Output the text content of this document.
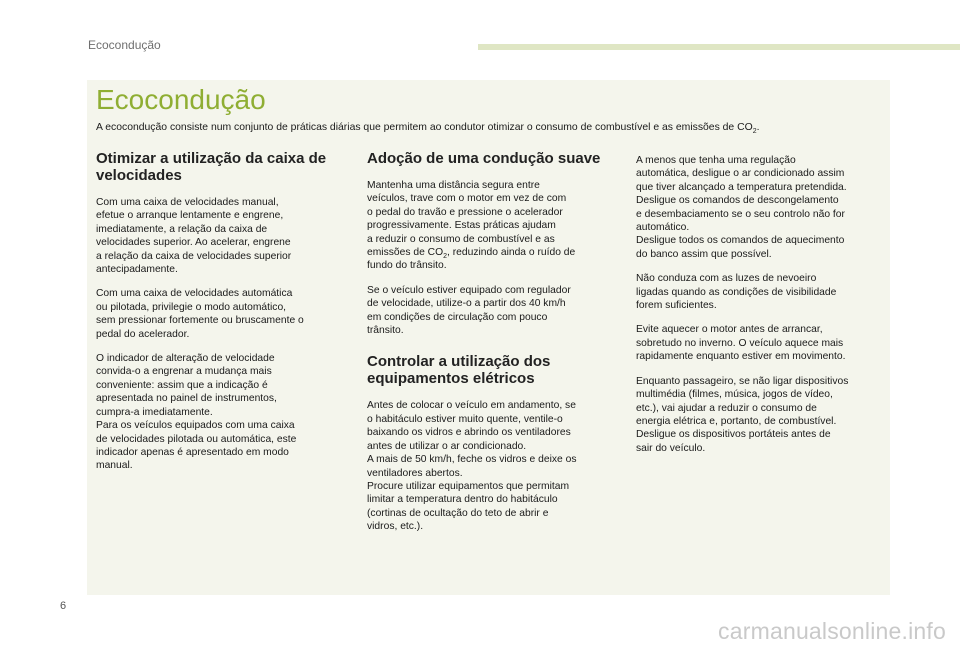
Ecocondução
Ecocondução

A ecocondução consiste num conjunto de práticas diárias que permitem ao condutor otimizar o consumo de combustível e as emissões de $CO_2$.

Otimizar a utilização da caixa de velocidades

Com uma caixa de velocidades manual,
efetue o arranque lentamente e engrene,
imediatamente, a relação da caixa de
velocidades superior. Ao acelerar, engrene
a relação da caixa de velocidades superior
antecipadamente.

Com uma caixa de velocidades automática
ou pilotada, privilegie o modo automático,
sem pressionar fortemente ou bruscamente o
pedal do acelerador.

O indicador de alteração de velocidade
convida-o a engrenar a mudança mais
conveniente: assim que a indicação é
apresentada no painel de instrumentos,
cumpra-a imediatamente.
Para os veículos equipados com uma caixa
de velocidades pilotada ou automática, este
indicador apenas é apresentado em modo
manual.

Adoção de uma condução suave

Mantenha uma distância segura entre
veículos, trave com o motor em vez de com
o pedal do travão e pressione o acelerador
progressivamente. Estas práticas ajudam
a reduzir o consumo de combustível e as
emissões de $CO_2$, reduzindo ainda o ruído de
fundo do trânsito.

Se o veículo estiver equipado com regulador
de velocidade, utilize-o a partir dos 40 km/h
em condições de circulação com pouco
trânsito.

Controlar a utilização dos equipamentos elétricos

Antes de colocar o veículo em andamento, se
o habitáculo estiver muito quente, ventile-o
baixando os vidros e abrindo os ventiladores
antes de utilizar o ar condicionado.
A mais de 50 km/h, feche os vidros e deixe os
ventiladores abertos.
Procure utilizar equipamentos que permitam
limitar a temperatura dentro do habitáculo
(cortinas de ocultação do teto de abrir e
vidros, etc.).

A menos que tenha uma regulação
automática, desligue o ar condicionado assim
que tiver alcançado a temperatura pretendida.
Desligue os comandos de descongelamento
e desembaciamento se o seu controlo não for
automático.
Desligue todos os comandos de aquecimento
do banco assim que possível.

Não conduza com as luzes de nevoeiro
ligadas quando as condições de visibilidade
forem suficientes.

Evite aquecer o motor antes de arrancar,
sobretudo no inverno. O veículo aquece mais
rapidamente enquanto estiver em movimento.

Enquanto passageiro, se não ligar dispositivos
multimédia (filmes, música, jogos de vídeo,
etc.), vai ajudar a reduzir o consumo de
energia elétrica e, portanto, de combustível.
Desligue os dispositivos portáteis antes de
sair do veículo.

6
carmanualsonline.info
